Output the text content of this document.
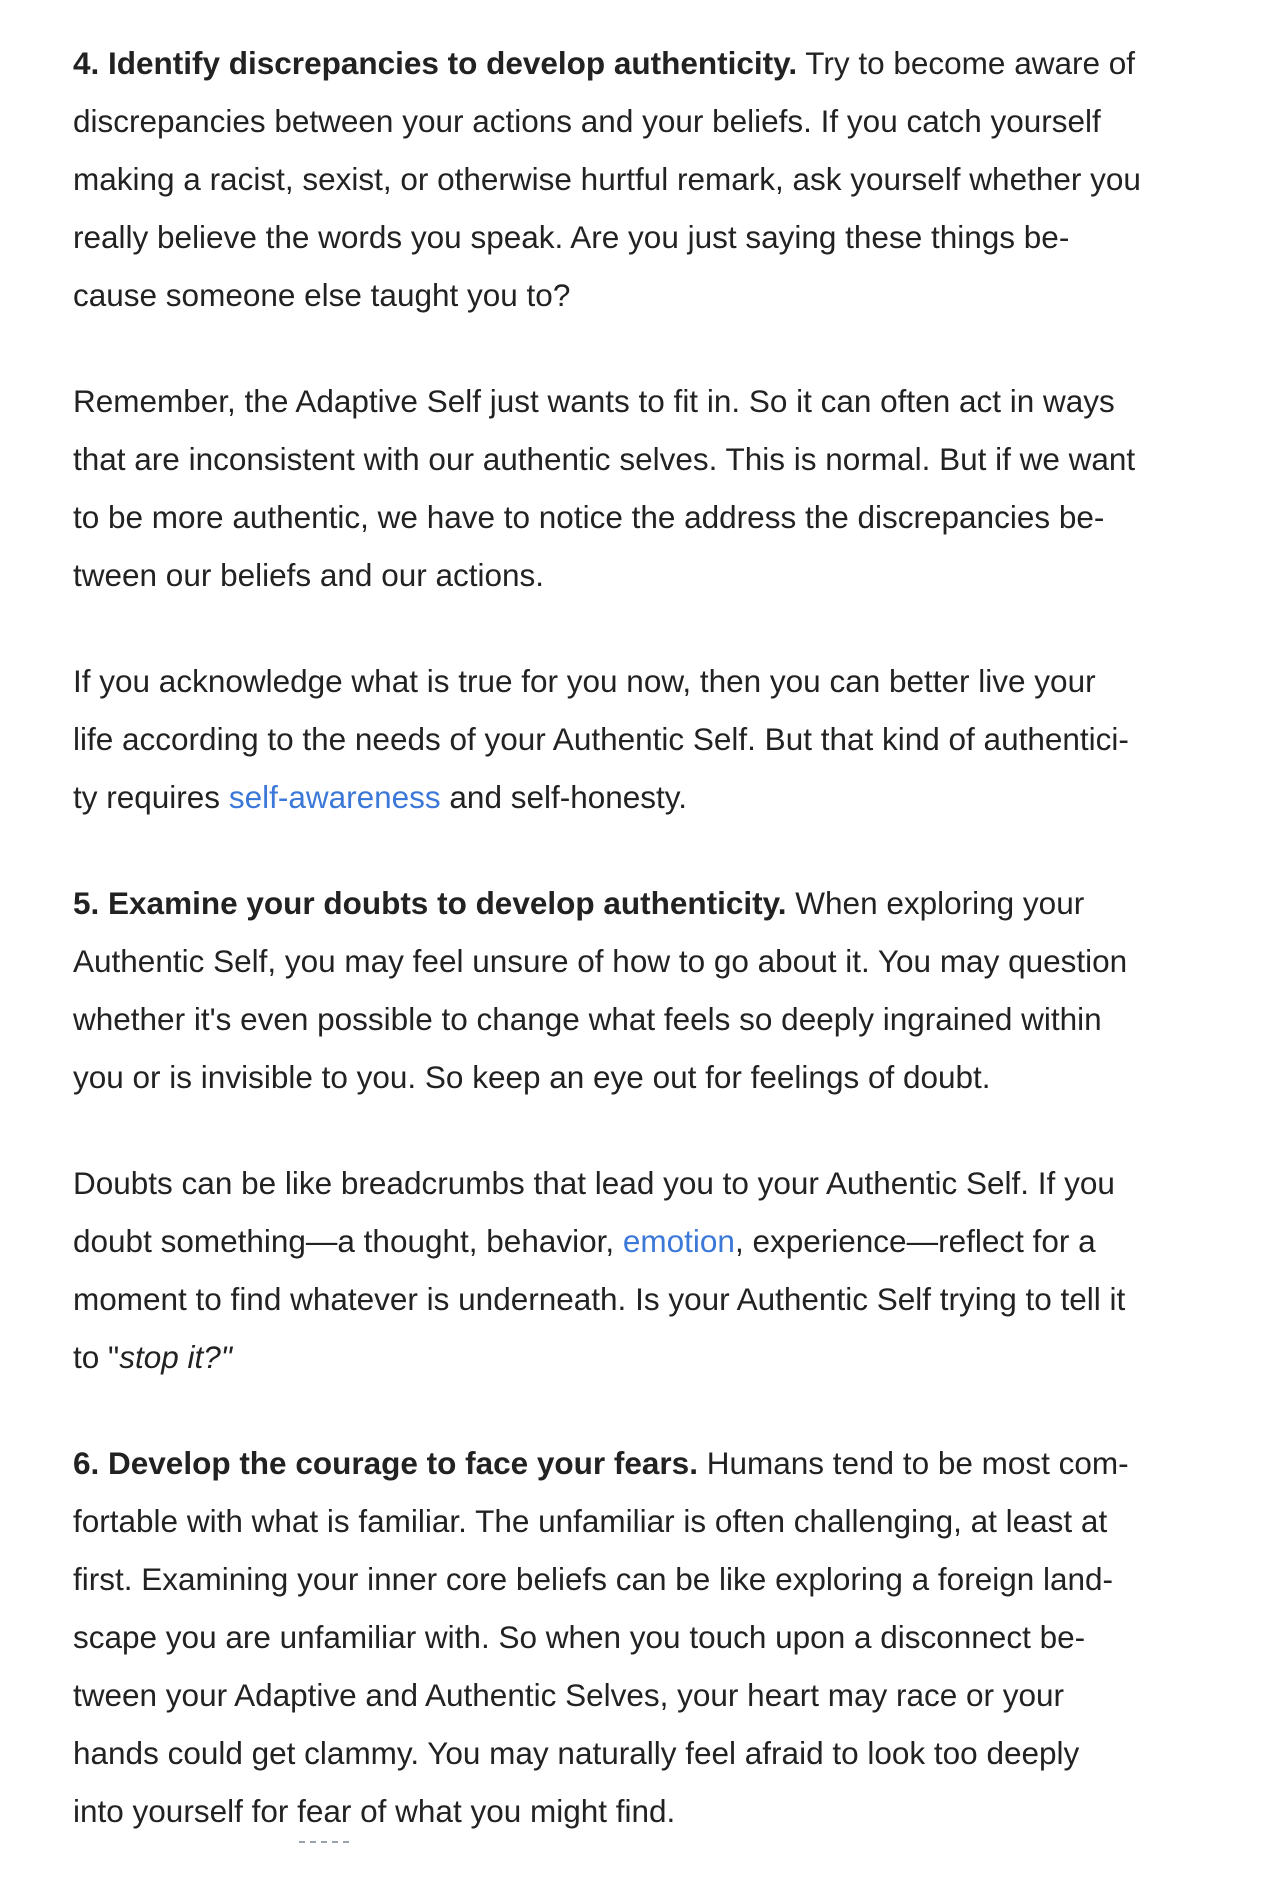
4. Identify discrepancies to develop authenticity. Try to become aware of
discrepancies between your actions and your beliefs. If you catch yourself
making a racist, sexist, or otherwise hurtful remark, ask yourself whether you
really believe the words you speak. Are you just saying these things be-
cause someone else taught you to?

Remember, the Adaptive Self just wants to fit in. So it can often act in ways
that are inconsistent with our authentic selves. This is normal. But if we want
to be more authentic, we have to notice the address the discrepancies be-
tween our beliefs and our actions.

If you acknowledge what is true for you now, then you can better live your
life according to the needs of your Authentic Self. But that kind of authentici-
ty requires self-awareness and self-honesty.

5. Examine your doubts to develop authenticity. When exploring your
Authentic Self, you may feel unsure of how to go about it. You may question
whether it's even possible to change what feels so deeply ingrained within
you or is invisible to you. So keep an eye out for feelings of doubt.

Doubts can be like breadcrumbs that lead you to your Authentic Self. If you
doubt something—a thought, behavior, emotion, experience—reflect for a
moment to find whatever is underneath. Is your Authentic Self trying to tell it
to "stop it?"

6. Develop the courage to face your fears. Humans tend to be most com-
fortable with what is familiar. The unfamiliar is often challenging, at least at
first. Examining your inner core beliefs can be like exploring a foreign land-
scape you are unfamiliar with. So when you touch upon a disconnect be-
tween your Adaptive and Authentic Selves, your heart may race or your
hands could get clammy. You may naturally feel afraid to look too deeply
into yourself for fear of what you might find.
